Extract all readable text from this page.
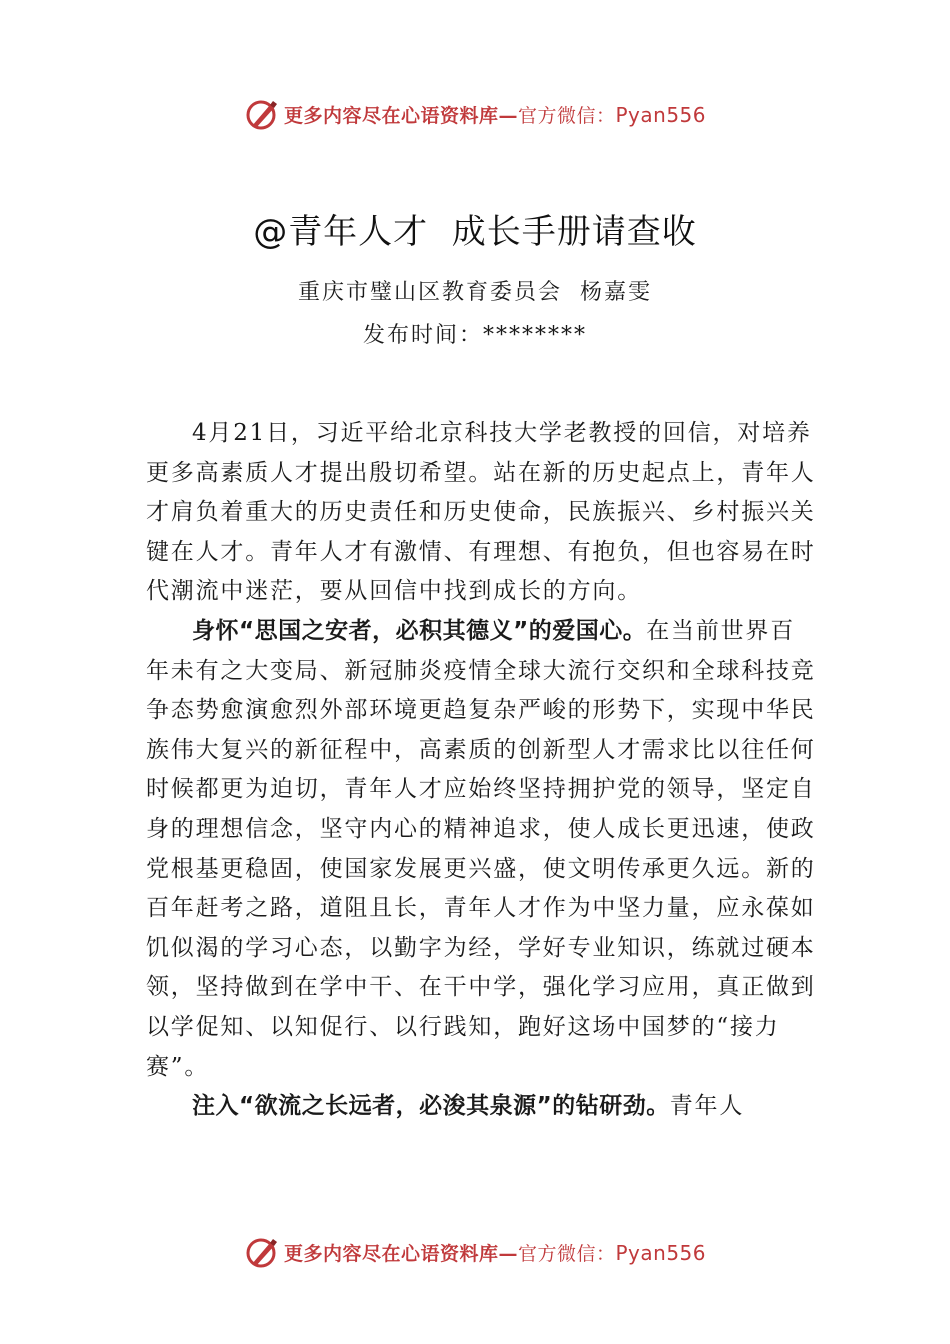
更多内容尽在心语资料库—官方微信：Pyan556
@青年人才  成长手册请查收
重庆市璧山区教育委员会  杨嘉雯
发布时间：********

4月21日，习近平给北京科技大学老教授的回信，对培养更多高素质人才提出殷切希望。站在新的历史起点上，青年人才肩负着重大的历史责任和历史使命，民族振兴、乡村振兴关键在人才。青年人才有激情、有理想、有抱负，但也容易在时代潮流中迷茫，要从回信中找到成长的方向。

身怀“思国之安者，必积其德义”的爱国心。在当前世界百年未有之大变局、新冠肺炎疫情全球大流行交织和全球科技竞争态势愈演愈烈外部环境更趋复杂严峻的形势下，实现中华民族伟大复兴的新征程中，高素质的创新型人才需求比以往任何时候都更为迫切，青年人才应始终坚持拥护党的领导，坚定自身的理想信念，坚守内心的精神追求，使人成长更迅速，使政党根基更稳固，使国家发展更兴盛，使文明传承更久远。新的百年赶考之路，道阻且长，青年人才作为中坚力量，应永葆如饥似渴的学习心态，以勤字为经，学好专业知识，练就过硬本领，坚持做到在学中干、在干中学，强化学习应用，真正做到以学促知、以知促行、以行践知，跑好这场中国梦的“接力赛”。

注入“欲流之长远者，必浚其泉源”的钻研劲。青年人

更多内容尽在心语资料库—官方微信：Pyan556
